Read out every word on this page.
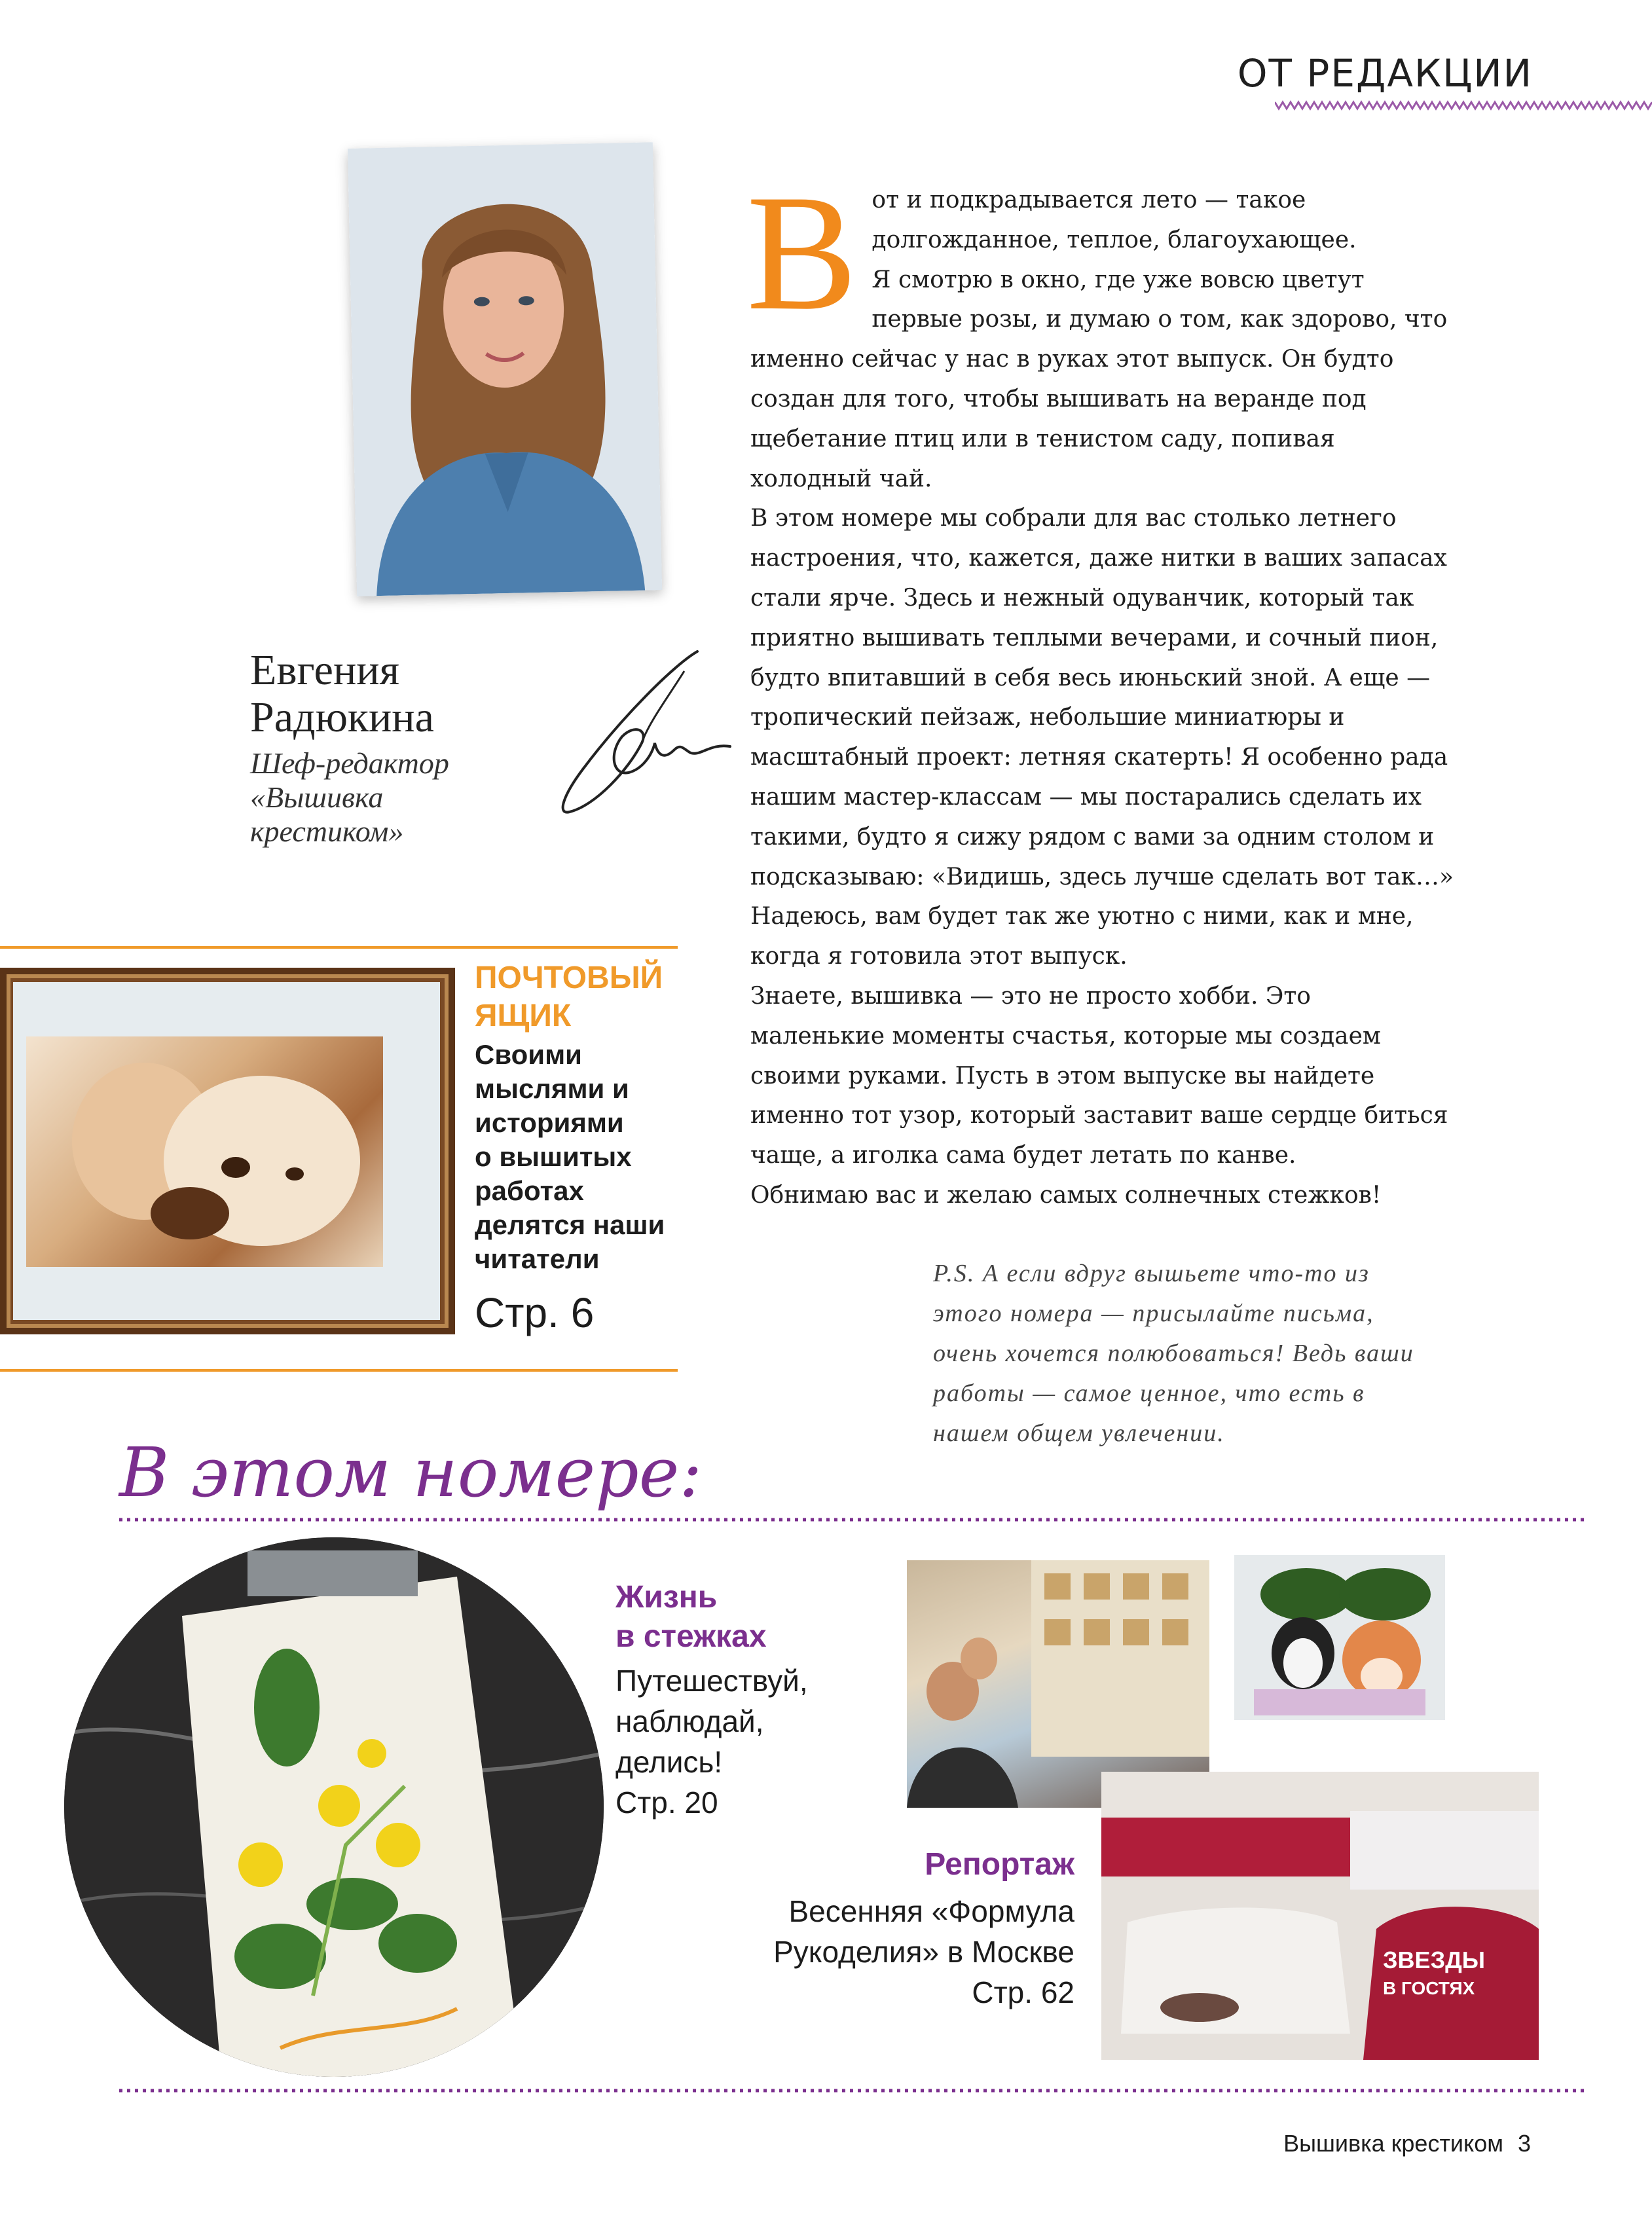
ОТ РЕДАКЦИИ
Евгения
Радюкина
Шеф-редактор
«Вышивка
крестиком»
В от и подкрадывается лето — такое

долгожданное, теплое, благоухающее.

Я смотрю в окно, где уже вовсю цветут

первые розы, и думаю о том, как здорово, что

именно сейчас у нас в руках этот выпуск. Он будто

создан для того, чтобы вышивать на веранде под

щебетание птиц или в тенистом саду, попивая

холодный чай.

В этом номере мы собрали для вас столько летнего

настроения, что, кажется, даже нитки в ваших запасах

стали ярче. Здесь и нежный одуванчик, который так

приятно вышивать теплыми вечерами, и сочный пион,

будто впитавший в себя весь июньский зной. А еще —

тропический пейзаж, небольшие миниатюры и

масштабный проект: летняя скатерть! Я особенно рада

нашим мастер-классам — мы постарались сделать их

такими, будто я сижу рядом с вами за одним столом и

подсказываю: «Видишь, здесь лучше сделать вот так…»

Надеюсь, вам будет так же уютно с ними, как и мне,

когда я готовила этот выпуск.

Знаете, вышивка — это не просто хобби. Это

маленькие моменты счастья, которые мы создаем

своими руками. Пусть в этом выпуске вы найдете

именно тот узор, который заставит ваше сердце биться

чаще, а иголка сама будет летать по канве.

Обнимаю вас и желаю самых солнечных стежков!

P.S. А если вдруг вышьете что-то из
этого номера — присылайте письма,
очень хочется полюбоваться! Ведь ваши
работы — самое ценное, что есть в
нашем общем увлечении.
ПОЧТОВЫЙ
ЯЩИК
Своими
мыслями и
историями
о вышитых
работах
делятся наши
читатели
Стр. 6
В этом номере:
Жизнь
в стежках
Путешествуй,
наблюдай,
делись!
Стр. 20
ЗВЕЗДЫ
В ГОСТЯХ
Репортаж
Весенняя «Формула
Рукоделия» в Москве
Стр. 62
Вышивка крестиком 3
